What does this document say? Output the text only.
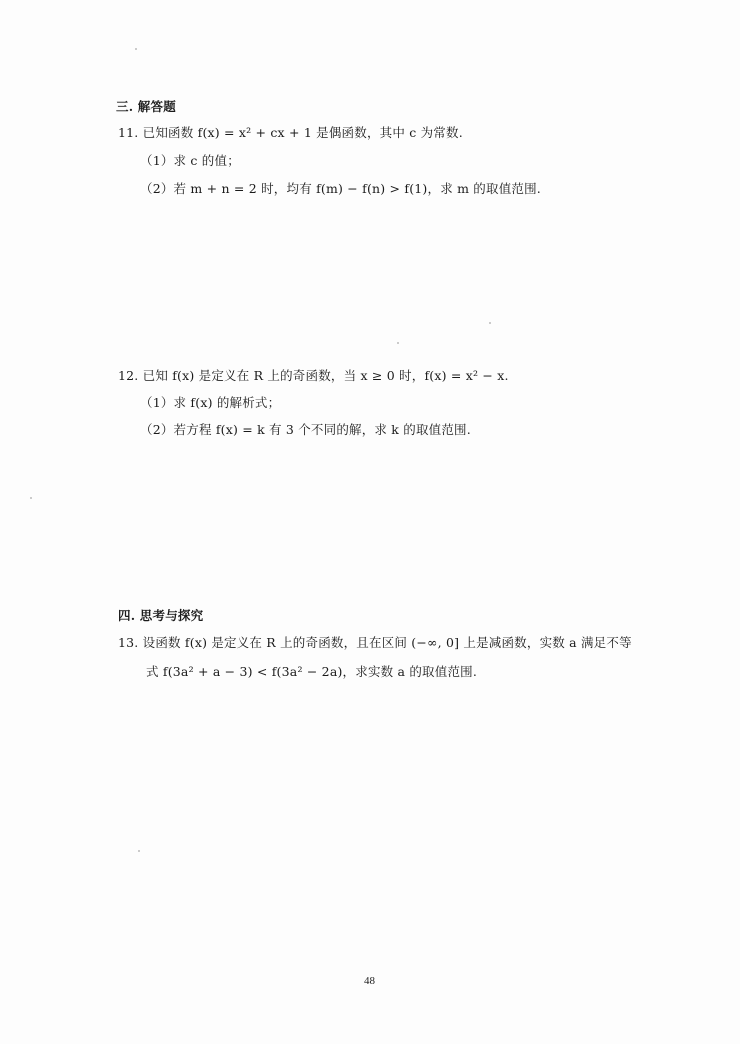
三. 解答题
11. 已知函数 f(x) = x² + cx + 1 是偶函数，其中 c 为常数.
（1）求 c 的值；
（2）若 m + n = 2 时，均有 f(m) − f(n) > f(1)，求 m 的取值范围.
12. 已知 f(x) 是定义在 R 上的奇函数，当 x ≥ 0 时，f(x) = x² − x.
（1）求 f(x) 的解析式；
（2）若方程 f(x) = k 有 3 个不同的解，求 k 的取值范围.
四. 思考与探究
13. 设函数 f(x) 是定义在 R 上的奇函数，且在区间 (−∞, 0] 上是减函数，实数 a 满足不等
式 f(3a² + a − 3) < f(3a² − 2a)，求实数 a 的取值范围.
48
